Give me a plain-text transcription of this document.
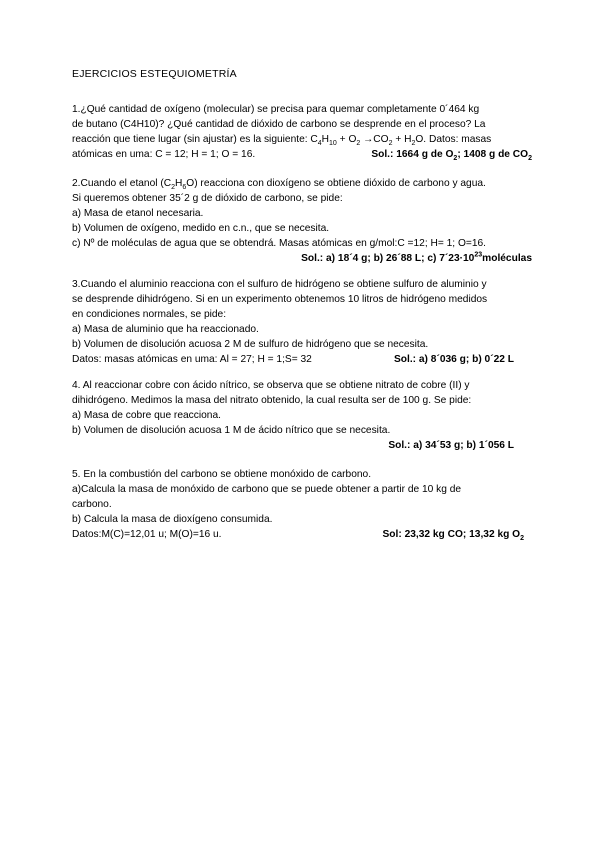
EJERCICIOS ESTEQUIOMETRÍA
1.¿Qué cantidad de oxígeno (molecular) se precisa para quemar completamente 0´464 kg
de butano (C4H10)? ¿Qué cantidad de dióxido de carbono se desprende en el proceso? La
reacción que tiene lugar (sin ajustar) es la siguiente: $C_4H_{10} + O_2 \to CO_2 + H_2O$. Datos: masas
atómicas en uma: C = 12; H = 1; O = 16.	Sol.: 1664 g de $O_2$; 1408 g de $CO_2$
2.Cuando el etanol $(C_2H_6O)$ reacciona con dioxígeno se obtiene dióxido de carbono y agua.
Si queremos obtener 35´2 g de dióxido de carbono, se pide:
a) Masa de etanol necesaria.
b) Volumen de oxígeno, medido en c.n., que se necesita.
c) Nº de moléculas de agua que se obtendrá. Masas atómicas en g/mol:C =12; H= 1; O=16.
Sol.: a) 18´4 g; b) 26´88 L; c) $7´23\cdot 10^{23}moléculas$
3.Cuando el aluminio reacciona con el sulfuro de hidrógeno se obtiene sulfuro de aluminio y
se desprende dihidrógeno. Si en un experimento obtenemos 10 litros de hidrógeno medidos
en condiciones normales, se pide:
a) Masa de aluminio que ha reaccionado.
b) Volumen de disolución acuosa 2 M de sulfuro de hidrógeno que se necesita.
Datos: masas atómicas en uma: Al = 27; H = 1;S= 32	Sol.: a) 8´036 g; b) 0´22 L
4. Al reaccionar cobre con ácido nítrico, se observa que se obtiene nitrato de cobre (II) y
dihidrógeno. Medimos la masa del nitrato obtenido, la cual resulta ser de 100 g. Se pide:
a) Masa de cobre que reacciona.
b) Volumen de disolución acuosa 1 M de ácido nítrico que se necesita.
Sol.: a) 34´53 g; b) 1´056 L
5. En la combustión del carbono se obtiene monóxido de carbono.
a)Calcula la masa de monóxido de carbono que se puede obtener a partir de 10 kg de
carbono.
b) Calcula la masa de dioxígeno consumida.
Datos:M(C)=12,01 u; M(O)=16 u.	Sol: 23,32 kg CO; 13,32 kg $O_2$
